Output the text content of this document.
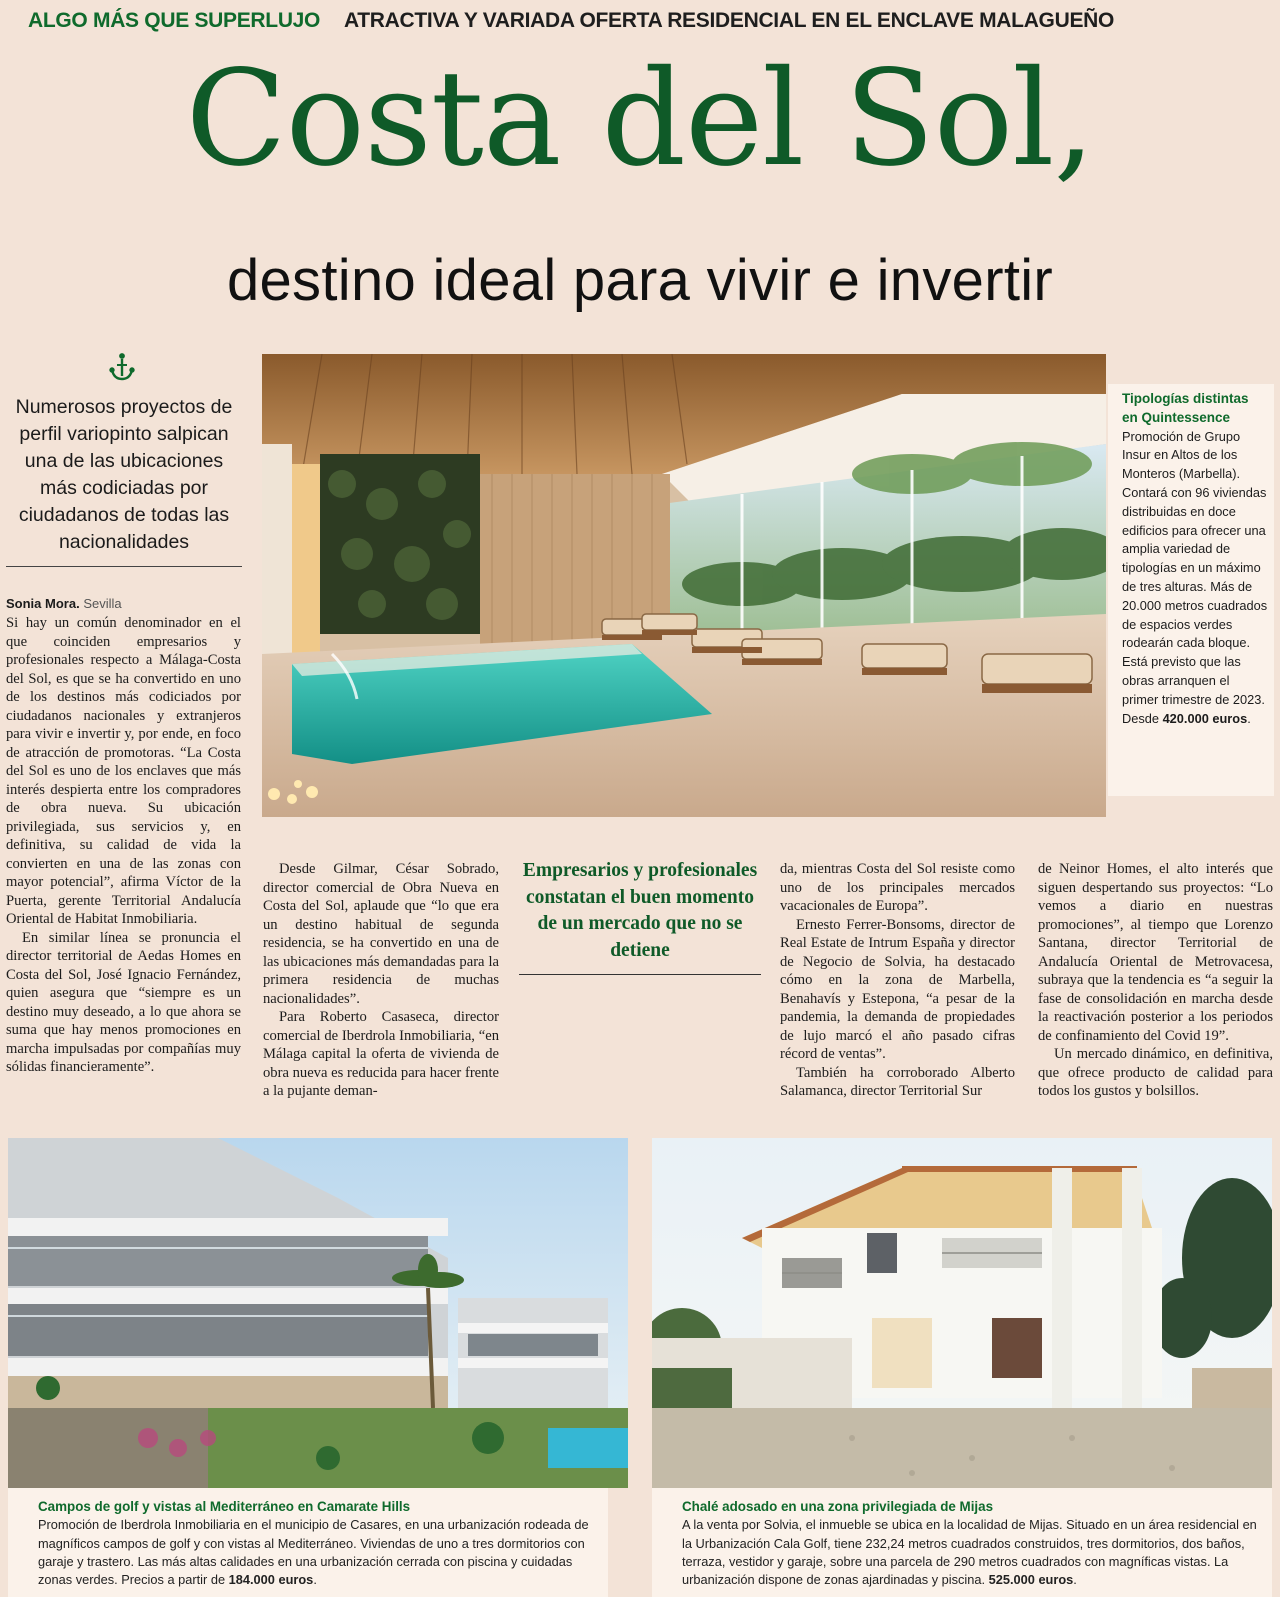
ALGO MÁS QUE SUPERLUJO ATRACTIVA Y VARIADA OFERTA RESIDENCIAL EN EL ENCLAVE MALAGUEÑO
Costa del Sol,
destino ideal para vivir e invertir
Numerosos proyectos de perfil variopinto salpican una de las ubicaciones más codiciadas por ciudadanos de todas las nacionalidades
Sonia Mora. Sevilla

Si hay un común denominador en el que coinciden empresarios y profesionales respecto a Málaga-Costa del Sol, es que se ha convertido en uno de los destinos más codiciados por ciudadanos nacionales y extranjeros para vivir e invertir y, por ende, en foco de atracción de promotoras. “La Costa del Sol es uno de los enclaves que más interés despierta entre los compradores de obra nueva. Su ubicación privilegiada, sus servicios y, en definitiva, su calidad de vida la convierten en una de las zonas con mayor potencial”, afirma Víctor de la Puerta, gerente Territorial Andalucía Oriental de Habitat Inmobiliaria.

En similar línea se pronuncia el director territorial de Aedas Homes en Costa del Sol, José Ignacio Fernández, quien asegura que “siempre es un destino muy deseado, a lo que ahora se suma que hay menos promociones en marcha impulsadas por compañías muy sólidas financieramente”.

Desde Gilmar, César Sobrado, director comercial de Obra Nueva en Costa del Sol, aplaude que “lo que era un destino habitual de segunda residencia, se ha convertido en una de las ubicaciones más demandadas para la primera residencia de muchas nacionalidades”.

Para Roberto Casaseca, director comercial de Iberdrola Inmobiliaria, “en Málaga capital la oferta de vivienda de obra nueva es reducida para hacer frente a la pujante deman-

Empresarios y profesionales constatan el buen momento de un mercado que no se detiene

da, mientras Costa del Sol resiste como uno de los principales mercados vacacionales de Europa”.

Ernesto Ferrer-Bonsoms, director de Real Estate de Intrum España y director de Negocio de Solvia, ha destacado cómo en la zona de Marbella, Benahavís y Estepona, “a pesar de la pandemia, la demanda de propiedades de lujo marcó el año pasado cifras récord de ventas”.

También ha corroborado Alberto Salamanca, director Territorial Sur

de Neinor Homes, el alto interés que siguen despertando sus proyectos: “Lo vemos a diario en nuestras promociones”, al tiempo que Lorenzo Santana, director Territorial de Andalucía Oriental de Metrovacesa, subraya que la tendencia es “a seguir la fase de consolidación en marcha desde la reactivación posterior a los periodos de confinamiento del Covid 19”.

Un mercado dinámico, en definitiva, que ofrece producto de calidad para todos los gustos y bolsillos.

Tipologías distintas en Quintessence
Promoción de Grupo Insur en Altos de los Monteros (Marbella). Contará con 96 viviendas distribuidas en doce edificios para ofrecer una amplia variedad de tipologías en un máximo de tres alturas. Más de 20.000 metros cuadrados de espacios verdes rodearán cada bloque. Está previsto que las obras arranquen el primer trimestre de 2023. Desde 420.000 euros.
Campos de golf y vistas al Mediterráneo en Camarate Hills
Promoción de Iberdrola Inmobiliaria en el municipio de Casares, en una urbanización rodeada de magníficos campos de golf y con vistas al Mediterráneo. Viviendas de uno a tres dormitorios con garaje y trastero. Las más altas calidades en una urbanización cerrada con piscina y cuidadas zonas verdes. Precios a partir de 184.000 euros.
Chalé adosado en una zona privilegiada de Mijas
A la venta por Solvia, el inmueble se ubica en la localidad de Mijas. Situado en un área residencial en la Urbanización Cala Golf, tiene 232,24 metros cuadrados construidos, tres dormitorios, dos baños, terraza, vestidor y garaje, sobre una parcela de 290 metros cuadrados con magníficas vistas. La urbanización dispone de zonas ajardinadas y piscina. 525.000 euros.
